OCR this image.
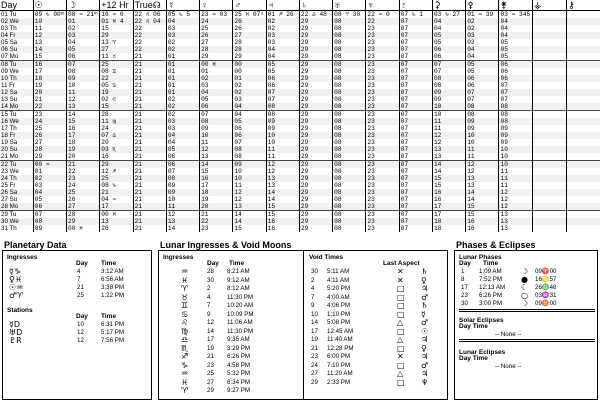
Day	☉	☽	+12 Hr	True☊	☿	♀	♂	♃	♄	♅	♆	♇	⚳	⚴	⚵	⚶	⚷
01 Tu	09 ♑ 00ᵐ	08 ♒ 21ᵐ	16 ♒ 0	22 ♌ 06	05 ♑ 5	23 ♒ 03	25 ♓ 07ⁿ	01 ♐ 26	22 ♎ 48	08 ♈ 30	22 ♒ 0	07 ♑ 1	03 ♑ 27	01 ♒ 39	03 ♒ 345		
02 We	10	01	01 ♓ 4	22 ♌ 04	04	24	26	02	29	08	22	07	04	02	04		
03 Th	11	02	15	22	03	25	26	02	29	08	23	07	04	02	04		
04 Fr	12	03	29	22	03	26	27	03	29	08	23	07	05	03	04		
05 Sa	13	04	13 ♈	22	02	27	28	03	29	08	23	07	05	03	05		
06 Su	14	05	27	22	02	28	28	04	29	08	23	07	06	04	05		
07 Mo	15	06	11 ♉	21	01	29	29	04	29	08	23	07	06	04	05		
08 Tu	16	07	25	21	01	00 ♓	00	05	29	08	23	07	07	05	06		
09 We	17	08	08 ♊	21	01	01	00	05	29	08	23	07	07	05	06		
10 Th	18	09	22	21	01	02	01	06	29	08	23	07	08	06	06		
11 Fr	19	10	05 ♋	21	01	03	02	06	29	08	23	07	08	06	07		
12 Sa	20	11	19	21	01	04	02	07	29	08	23	07	09	07	07		
13 Su	21	12	02 ♌	21	02	05	03	07	29	08	23	07	09	07	07		
14 Mo	22	13	15	21	02	06	04	08	29	08	23	07	10	08	08		
15 Tu	23	14	28	21	02	07	04	08	29	08	23	07	10	08	08		
16 We	24	15	11 ♍	21	03	08	05	09	29	08	23	07	11	09	08		
17 Th	25	16	24	21	03	09	06	09	29	08	23	07	11	09	09		
18 Fr	26	17	07 ♎	21	04	10	06	10	29	08	23	07	12	10	09		
19 Sa	27	18	20	21	04	11	07	10	29	08	23	07	12	10	09		
20 Su	28	19	03 ♏	21	05	12	08	11	29	08	23	07	13	11	10		
21 Mo	29	20	16	21	06	13	08	11	29	08	23	07	13	11	10		
22 Tu	00 ♒	21	29	21	06	14	09	12	29	08	23	07	14	12	10		
23 We	01	22	12 ♐	21	07	15	10	12	29	08	23	07	14	12	11		
24 Th	02	23	25	21	08	16	10	13	29	08	23	07	15	13	11		
25 Fr	03	24	08 ♑	21	09	17	11	13	29	08	23	07	15	13	11		
26 Sa	04	25	21	21	09	18	12	14	29	08	23	07	16	14	12		
27 Su	05	26	04 ♒	21	10	19	12	14	29	08	23	07	16	14	12		
28 Mo	06	27	17	21	11	20	13	15	29	08	23	07	17	15	12		
29 Tu	07	28	00 ♓	21	12	21	14	15	29	08	23	07	17	15	13		
30 We	08	29	13	21	13	22	14	16	29	08	23	07	18	16	13		
31 Th	09	00 ♓	26	21	14	23	15	16	29	08	23	07	18	16	13		
Planetary Data
Ingresses
Day Time
☿♑	4	3:12 AM
♀♓	7	6:56 AM
☉♒	21	3:38 PM
♂♈	25	1:22 PM
Stations
Day Time
☿D	10	6:31 PM
♅D	12	5:17 PM
♇R	12	7:56 PM
Lunar Ingresses & Void Moons
Ingresses
Day Time
♒	28 8:21 AM
♓	30 9:12 AM
♈	2	8:12 AM
♉	4	11:30 PM
♊	7	10:20 AM
♋	9	10:09 PM
♌	12 11:06 AM
♍	14 11:30 PM
♎	17 9:35 AM
♏	19 3:29 PM
♐	21 6:26 PM
♑	23 4:58 PM
♒	25 5:32 PM
♓	27 6:34 PM
♈	29 9:27 PM
Void Times
Last Aspect
30 5:11 AM	✕ ♄
2 4:11 AM	✕ ♀
4 5:20 PM	□ ♃
7 4:00 AM	□ ♂
9 4:06 PM	□ ♄
10 1:10 PM	□ ☿
14 5:08 PM	△ ♂
17 12:45 AM	□ ☉
19 11:40 AM	△ ♃
21 12:28 PM	□ ♀
23 6:00 PM	✕ ♃
24 7:10 PM	□ ♂
27 11:20 AM	△ ♃
29 2:33 PM	□ ♆
Phases & Eclipses
Lunar Phases
Day Time
1 1:09 AM ☽ 09♈00
8 7:52 PM ● 16♋57
17 12:13 AM ☾ 26♎48
23 6:26 PM ○ 03♒31
30 3:00 PM ☽ 09♉00
Solar Eclipses
Day Time
-- None --
Lunar Eclipses
Day Time
-- None --
